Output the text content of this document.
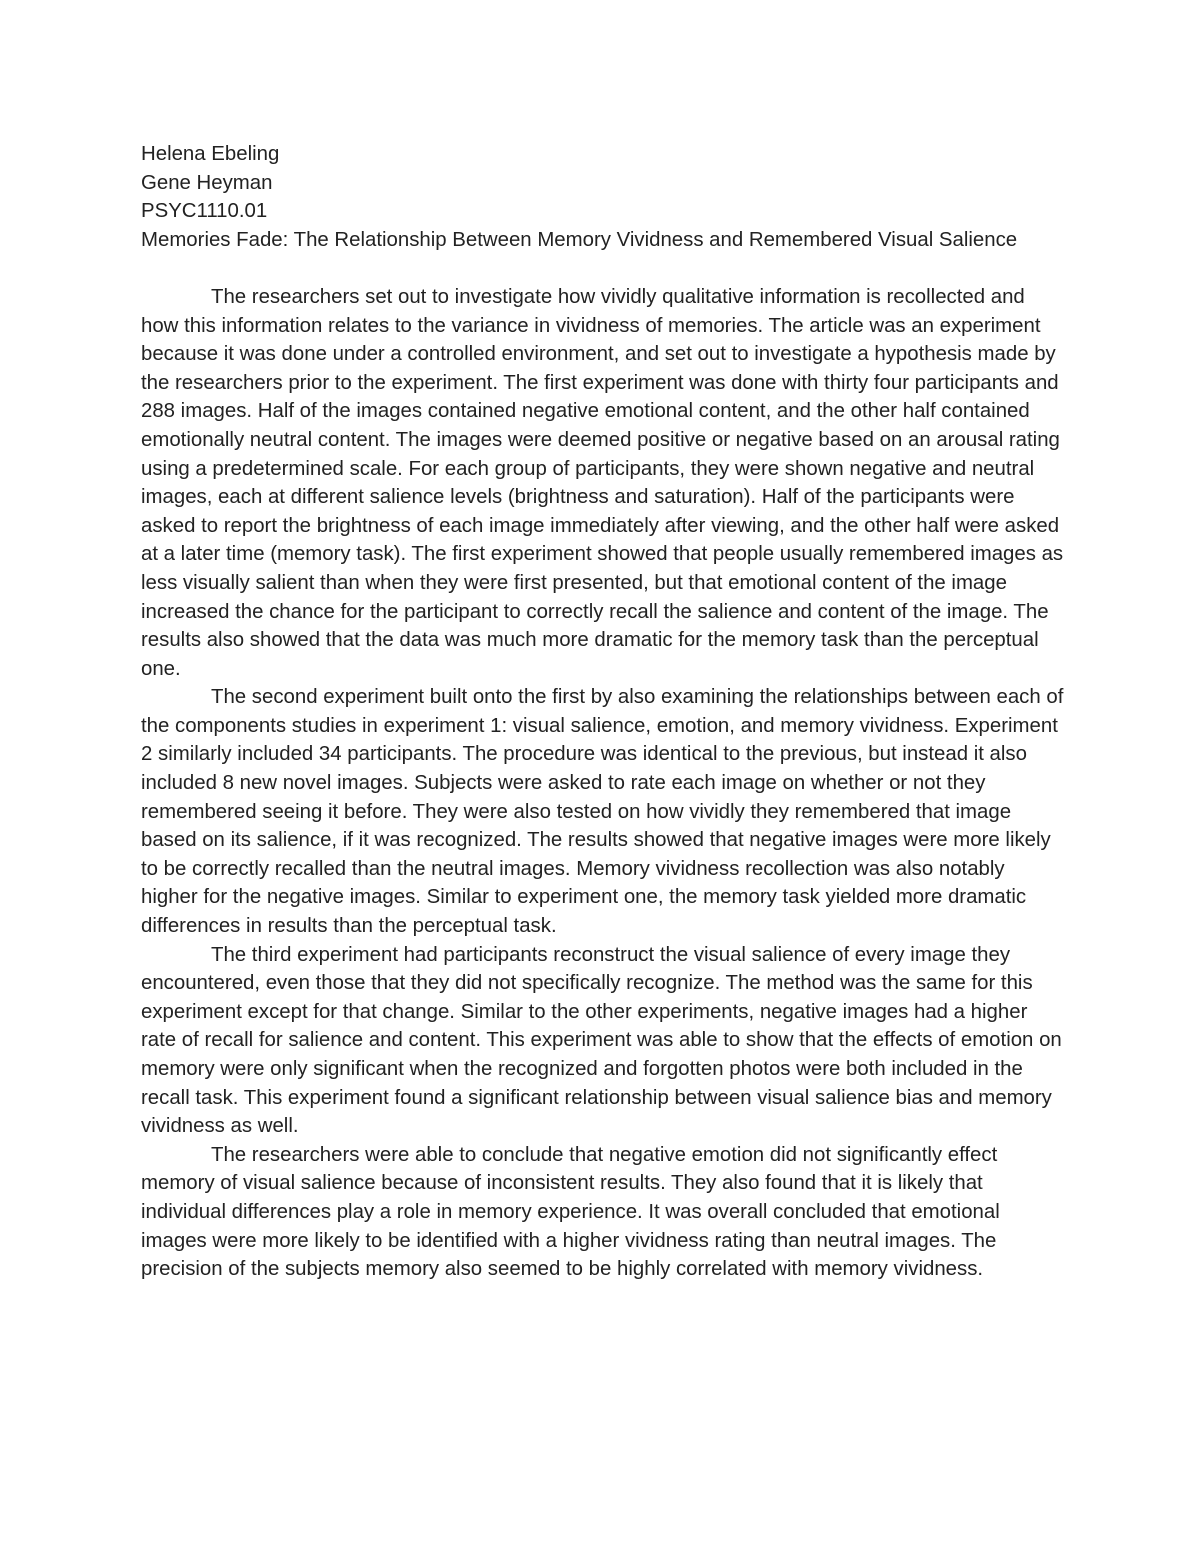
Helena Ebeling

Gene Heyman

PSYC1110.01

Memories Fade: The Relationship Between Memory Vividness and Remembered Visual Salience

The researchers set out to investigate how vividly qualitative information is recollected and how this information relates to the variance in vividness of memories. The article was an experiment because it was done under a controlled environment, and set out to investigate a hypothesis made by the researchers prior to the experiment. The first experiment was done with thirty four participants and 288 images. Half of the images contained negative emotional content, and the other half contained emotionally neutral content. The images were deemed positive or negative based on an arousal rating using a predetermined scale. For each group of participants, they were shown negative and neutral images, each at different salience levels (brightness and saturation). Half of the participants were asked to report the brightness of each image immediately after viewing, and the other half were asked at a later time (memory task). The first experiment showed that people usually remembered images as less visually salient than when they were first presented, but that emotional content of the image increased the chance for the participant to correctly recall the salience and content of the image. The results also showed that the data was much more dramatic for the memory task than the perceptual one.

The second experiment built onto the first by also examining the relationships between each of the components studies in experiment 1: visual salience, emotion, and memory vividness. Experiment 2 similarly included 34 participants. The procedure was identical to the previous, but instead it also included 8 new novel images. Subjects were asked to rate each image on whether or not they remembered seeing it before. They were also tested on how vividly they remembered that image based on its salience, if it was recognized. The results showed that negative images were more likely to be correctly recalled than the neutral images. Memory vividness recollection was also notably higher for the negative images. Similar to experiment one, the memory task yielded more dramatic differences in results than the perceptual task.

The third experiment had participants reconstruct the visual salience of every image they encountered, even those that they did not specifically recognize. The method was the same for this experiment except for that change. Similar to the other experiments, negative images had a higher rate of recall for salience and content. This experiment was able to show that the effects of emotion on memory were only significant when the recognized and forgotten photos were both included in the recall task. This experiment found a significant relationship between visual salience bias and memory vividness as well.

The researchers were able to conclude that negative emotion did not significantly effect memory of visual salience because of inconsistent results. They also found that it is likely that individual differences play a role in memory experience. It was overall concluded that emotional images were more likely to be identified with a higher vividness rating than neutral images. The precision of the subjects memory also seemed to be highly correlated with memory vividness.
